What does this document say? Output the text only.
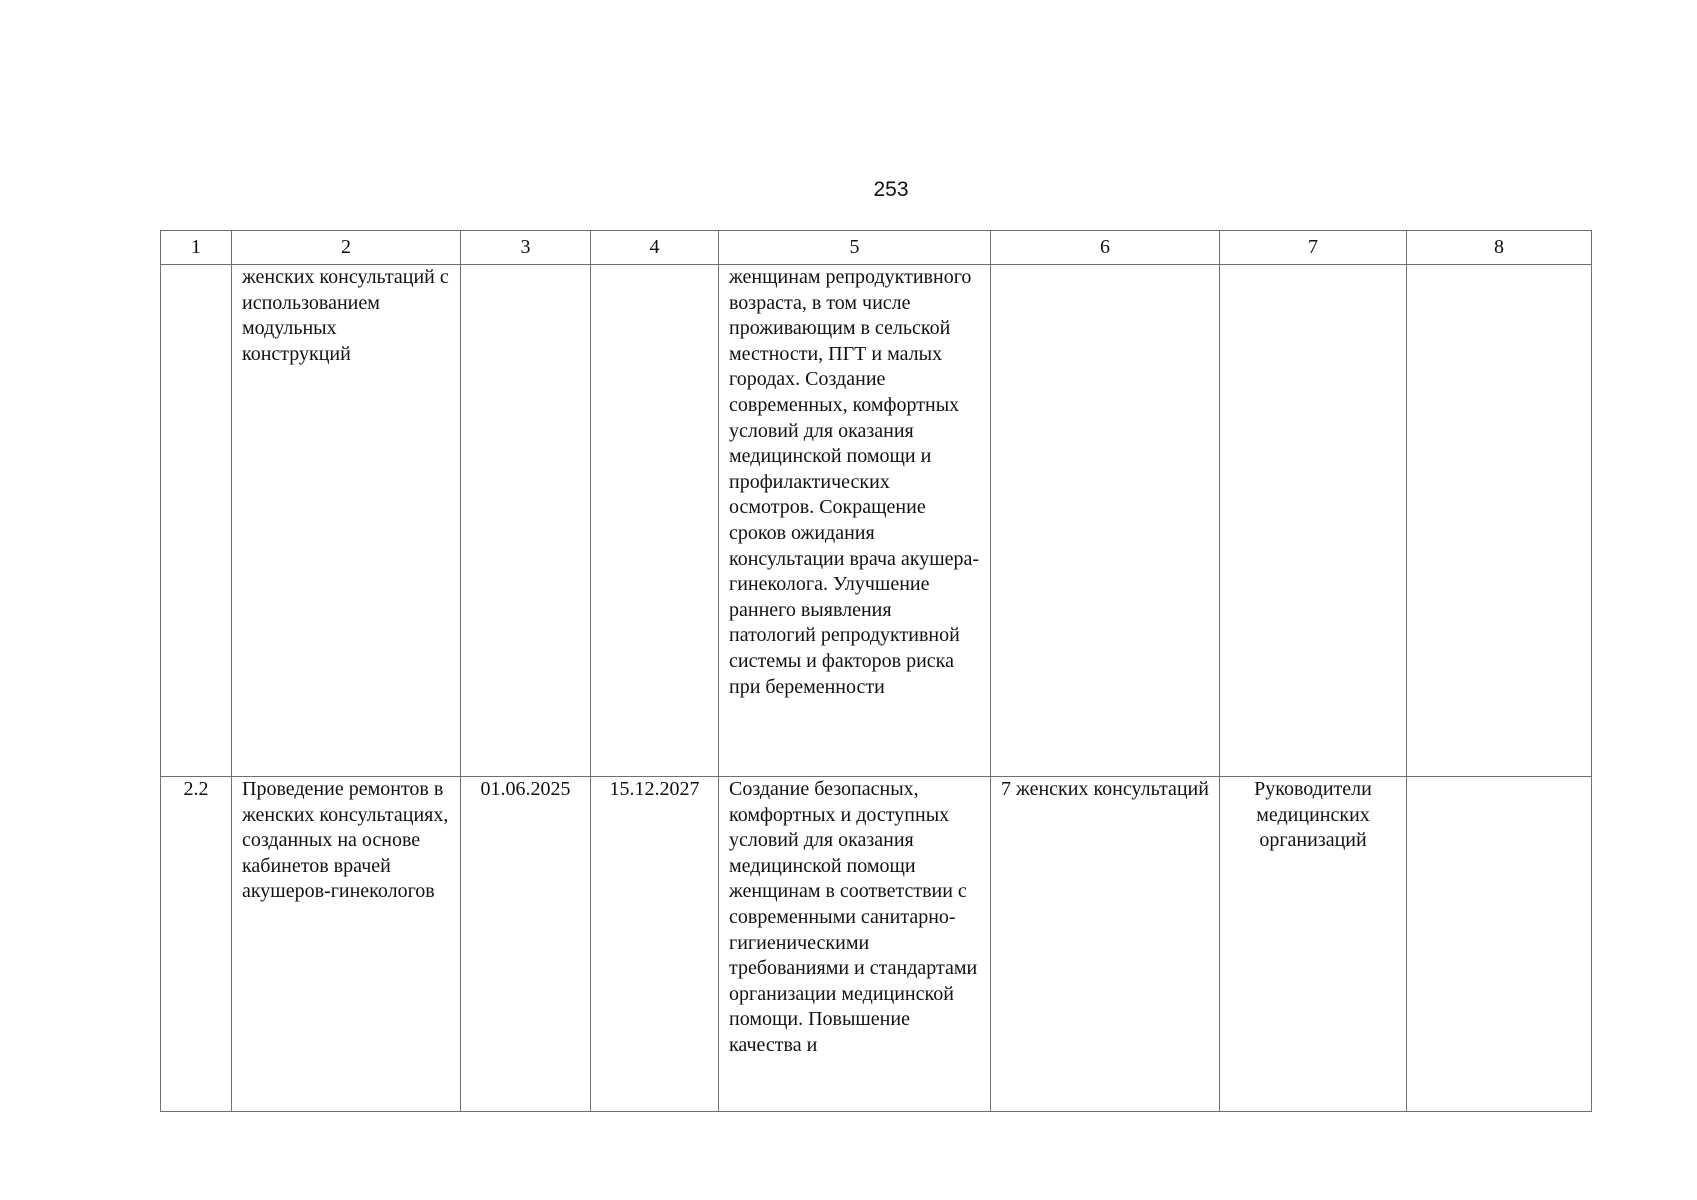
253
1	2	3	4	5	6	7	8
	женских консультаций с использованием модульных конструкций			женщинам репродуктивного возраста, в том числе проживающим в сельской местности, ПГТ и малых городах. Создание современных, комфортных условий для оказания медицинской помощи и профилактических осмотров. Сокращение сроков ожидания консультации врача акушера-гинеколога. Улучшение раннего выявления патологий репродуктивной системы и факторов риска при беременности			
2.2	Проведение ремонтов в женских консультациях, созданных на основе кабинетов врачей акушеров-гинекологов	01.06.2025	15.12.2027	Создание безопасных, комфортных и доступных условий для оказания медицинской помощи женщинам в соответствии с современными санитарно-гигиеническими требованиями и стандартами организации медицинской помощи. Повышение качества и	7 женских консультаций	Руководители медицинских организаций	
